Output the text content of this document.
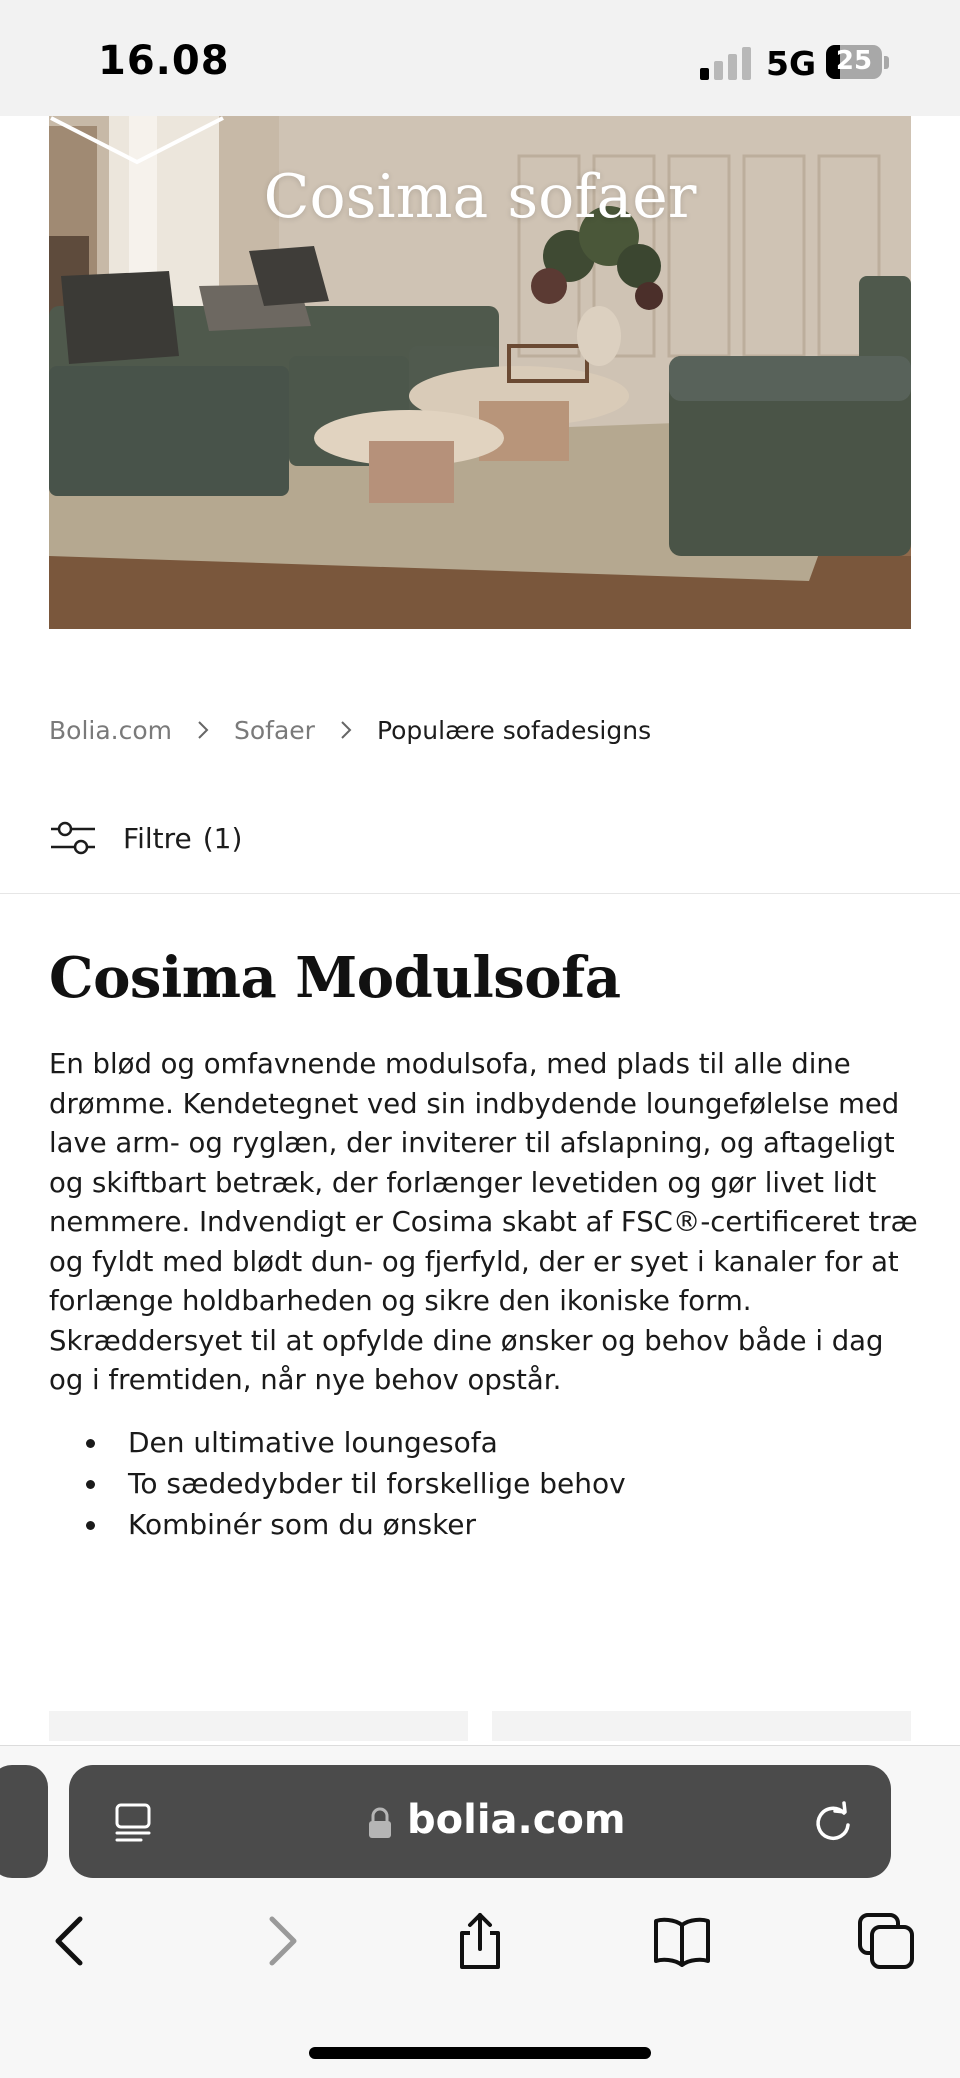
16.08	5G 25
Cosima sofaer
Bolia.com Sofaer Populære sofadesigns
Filtre (1)
Cosima Modulsofa

En blød og omfavnende modulsofa, med plads til alle dine drømme. Kendetegnet ved sin indbydende loungefølelse med lave arm- og ryglæn, der inviterer til afslapning, og aftageligt og skiftbart betræk, der forlænger levetiden og gør livet lidt nemmere. Indvendigt er Cosima skabt af FSC®-certificeret træ og fyldt med blødt dun- og fjerfyld, der er syet i kanaler for at forlænge holdbarheden og sikre den ikoniske form. Skræddersyet til at opfylde dine ønsker og behov både i dag og i fremtiden, når nye behov opstår.

• Den ultimative loungesofa
• To sædedybder til forskellige behov
• Kombinér som du ønsker
bolia.com
